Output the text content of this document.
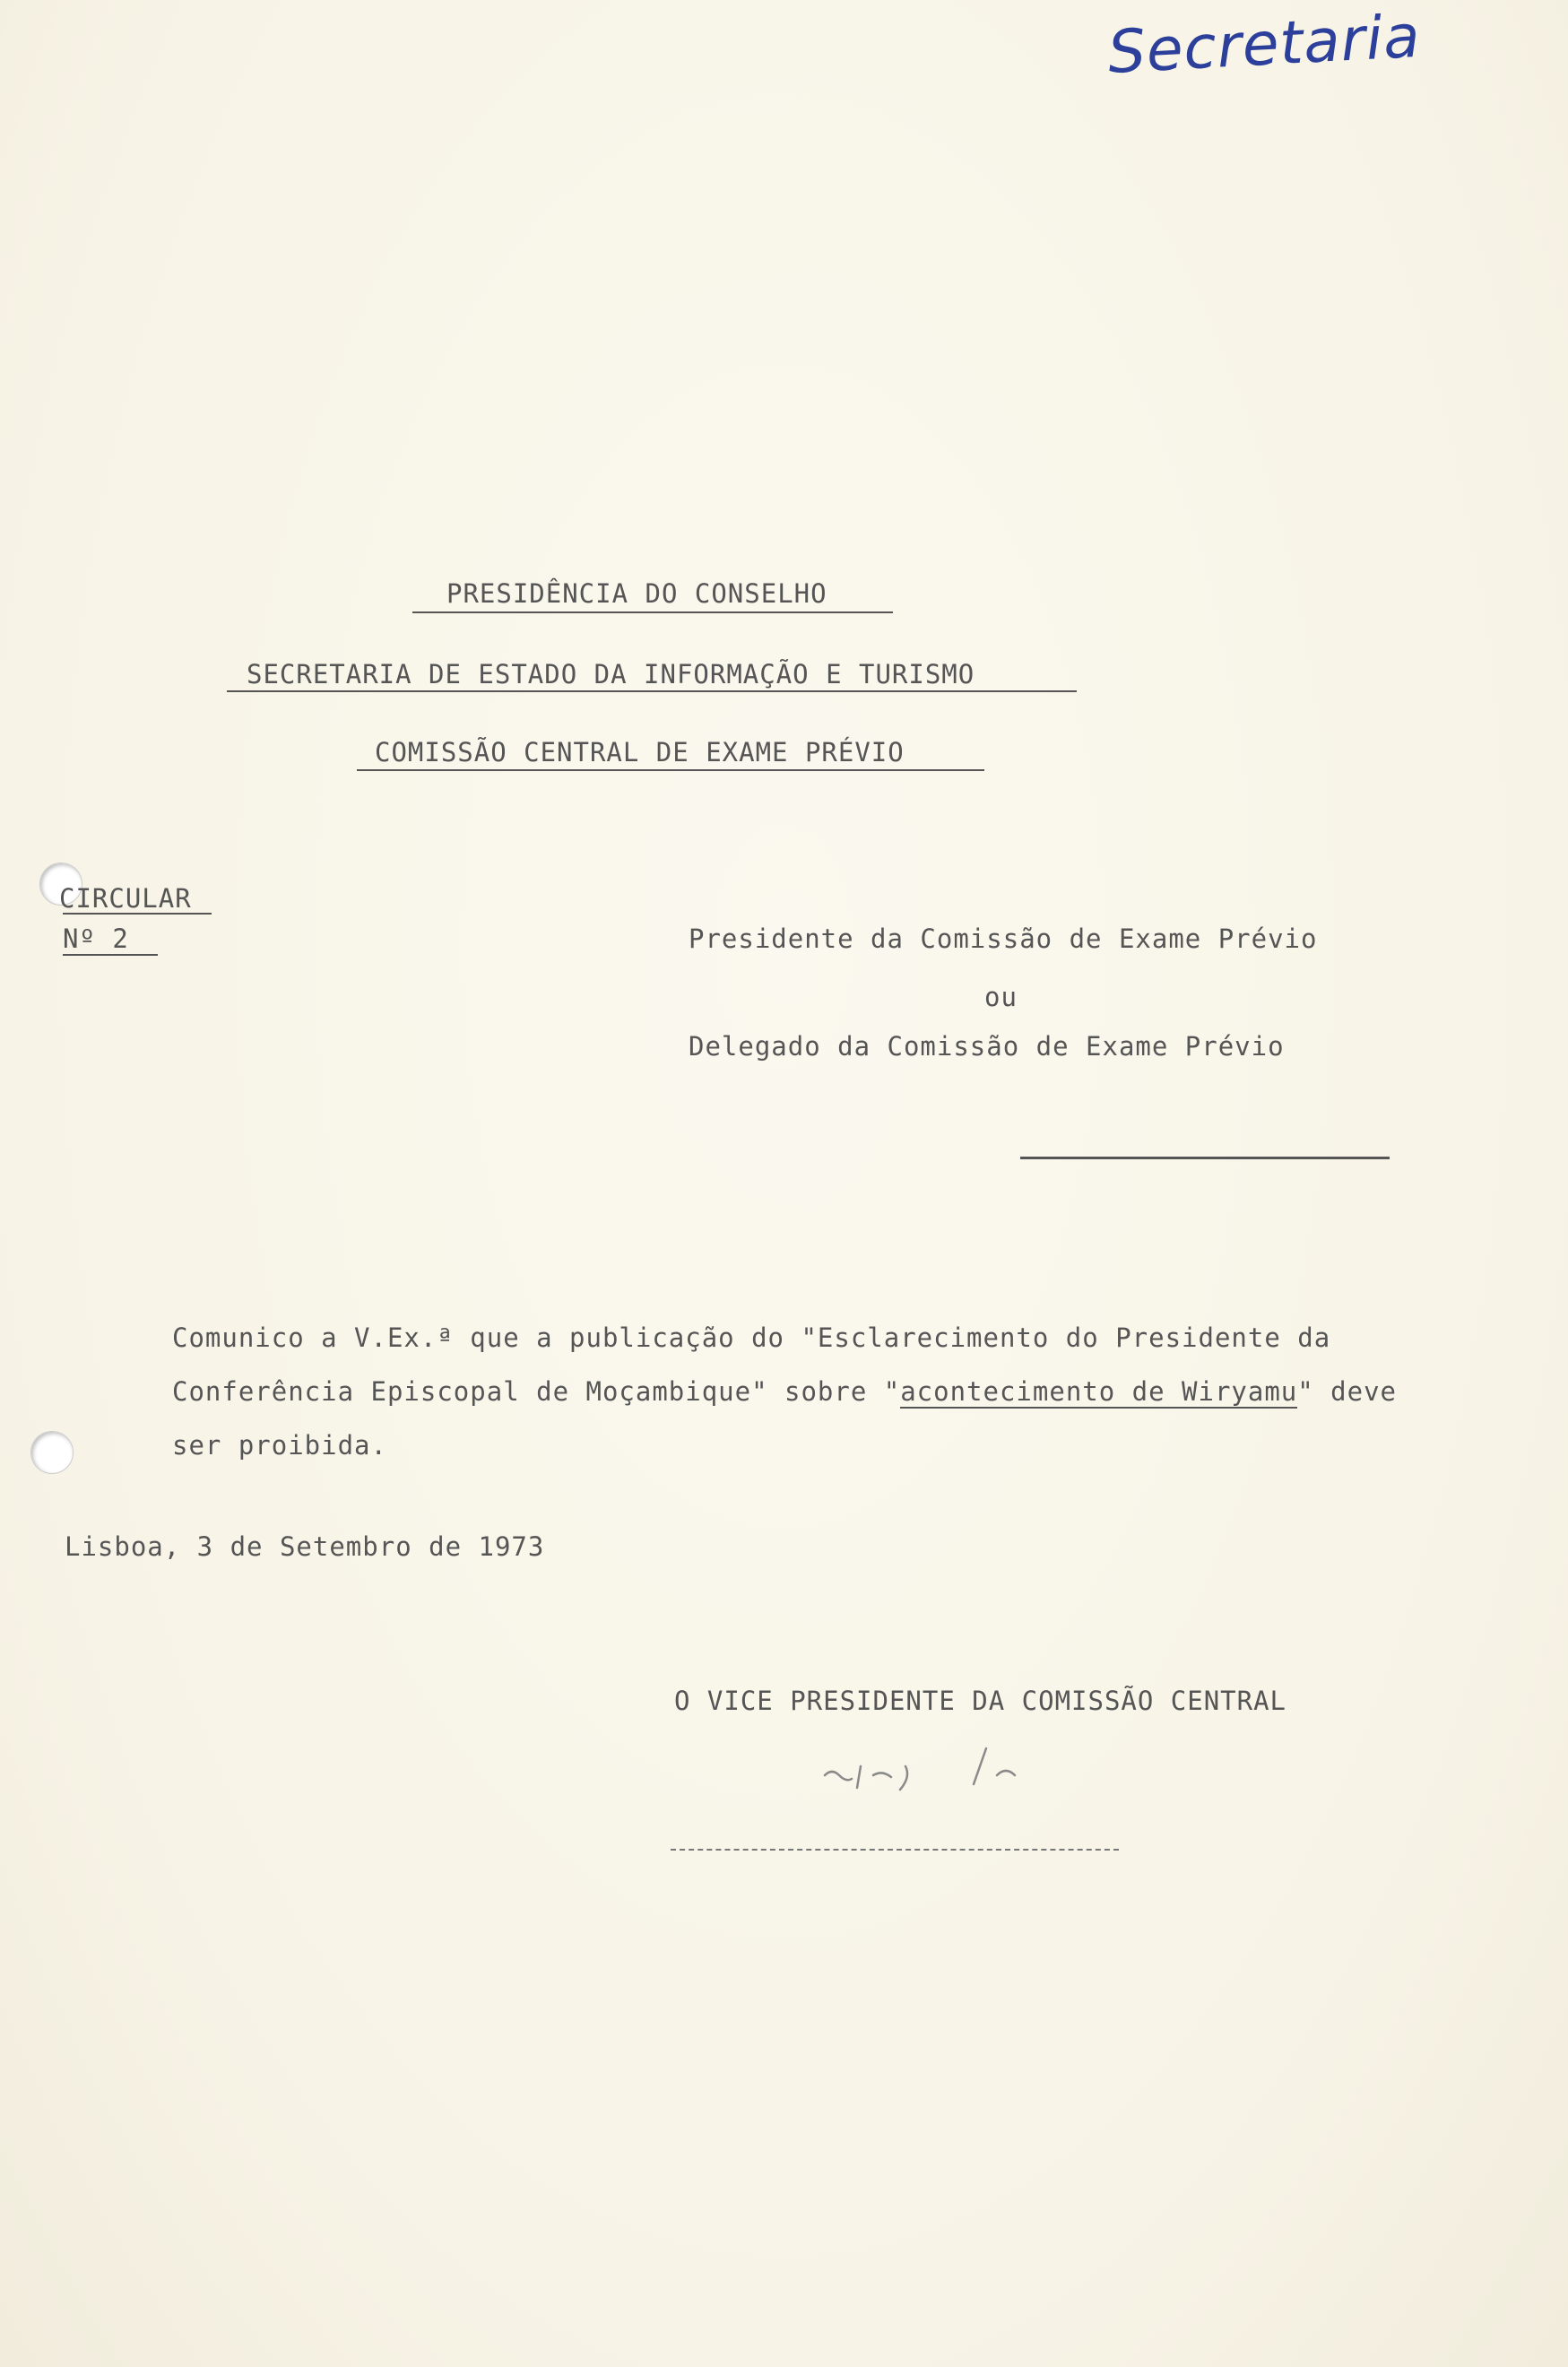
Secretaria
PRESIDÊNCIA DO CONSELHO
SECRETARIA DE ESTADO DA INFORMAÇÃO E TURISMO
COMISSÃO CENTRAL DE EXAME PRÉVIO
CIRCULAR
Nº 2	Presidente da Comissão de Exame Prévio
ou
Delegado da Comissão de Exame Prévio

Comunico a V.Ex.ª que a publicação do "Esclarecimento do Presidente da Conferência Episcopal de Moçambique" sobre "acontecimento de Wiryamu" deve ser proibida.

Lisboa, 3 de Setembro de 1973
O VICE PRESIDENTE DA COMISSÃO CENTRAL
